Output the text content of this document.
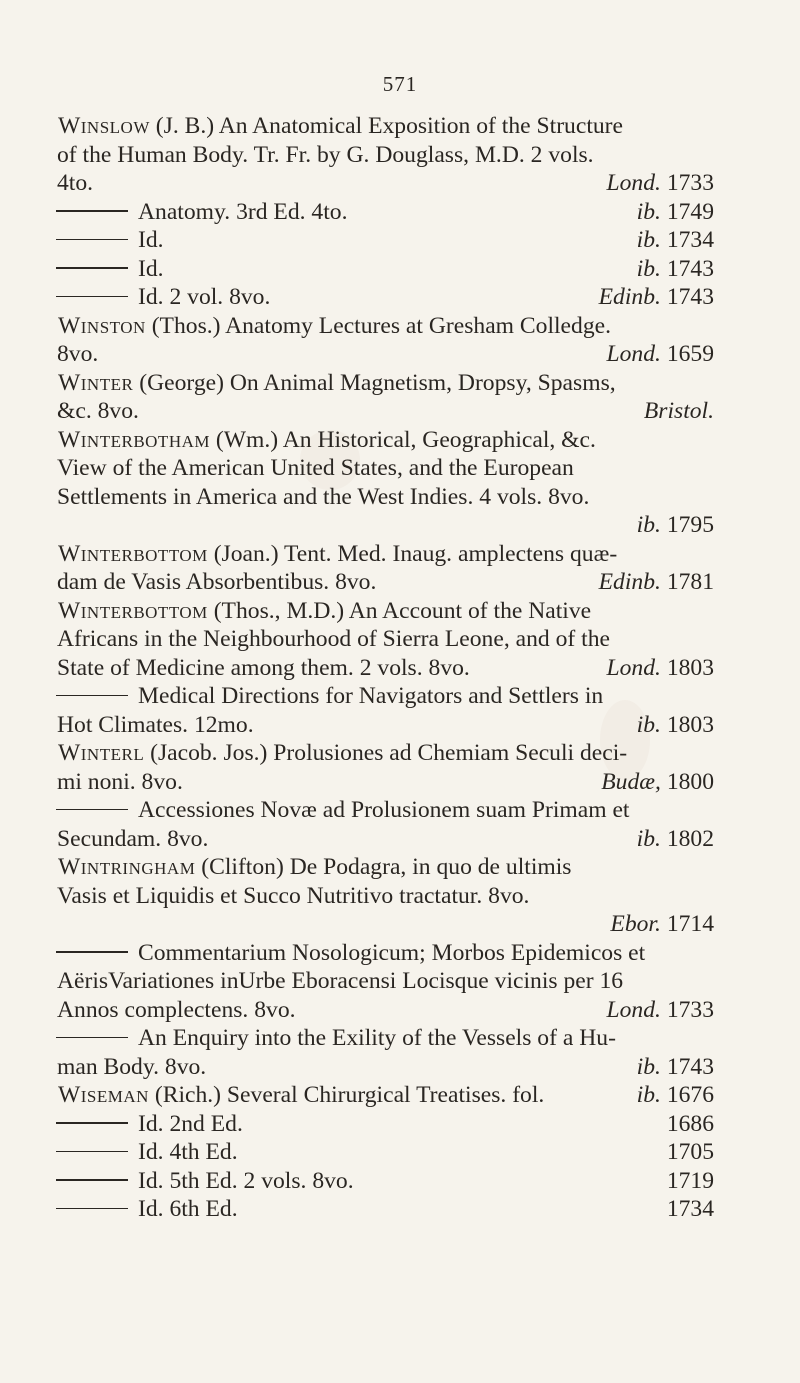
571
Winslow (J. B.) An Anatomical Exposition of the Structure
of the Human Body. Tr. Fr. by G. Douglass, M.D. 2 vols.
4to.	Lond. 1733
Anatomy. 3rd Ed. 4to.	ib. 1749
Id.	ib. 1734
Id.	ib. 1743
Id. 2 vol. 8vo.	Edinb. 1743
Winston (Thos.) Anatomy Lectures at Gresham Colledge.
8vo.	Lond. 1659
Winter (George) On Animal Magnetism, Dropsy, Spasms,
&c. 8vo.	Bristol.
Winterbotham (Wm.) An Historical, Geographical, &c.
View of the American United States, and the European
Settlements in America and the West Indies. 4 vols. 8vo.
ib. 1795
Winterbottom (Joan.) Tent. Med. Inaug. amplectens quæ-
dam de Vasis Absorbentibus. 8vo.	Edinb. 1781
Winterbottom (Thos., M.D.) An Account of the Native
Africans in the Neighbourhood of Sierra Leone, and of the
State of Medicine among them. 2 vols. 8vo.	Lond. 1803
Medical Directions for Navigators and Settlers in
Hot Climates. 12mo.	ib. 1803
Winterl (Jacob. Jos.) Prolusiones ad Chemiam Seculi deci-
mi noni. 8vo.	Budæ, 1800
Accessiones Novæ ad Prolusionem suam Primam et
Secundam. 8vo.	ib. 1802
Wintringham (Clifton) De Podagra, in quo de ultimis
Vasis et Liquidis et Succo Nutritivo tractatur. 8vo.
Ebor. 1714
Commentarium Nosologicum; Morbos Epidemicos et
AërisVariationes inUrbe Eboracensi Locisque vicinis per 16
Annos complectens. 8vo.	Lond. 1733
An Enquiry into the Exility of the Vessels of a Hu-
man Body. 8vo.	ib. 1743
Wiseman (Rich.) Several Chirurgical Treatises. fol.	ib. 1676
Id. 2nd Ed.	1686
Id. 4th Ed.	1705
Id. 5th Ed. 2 vols. 8vo.	1719
Id. 6th Ed.	1734
